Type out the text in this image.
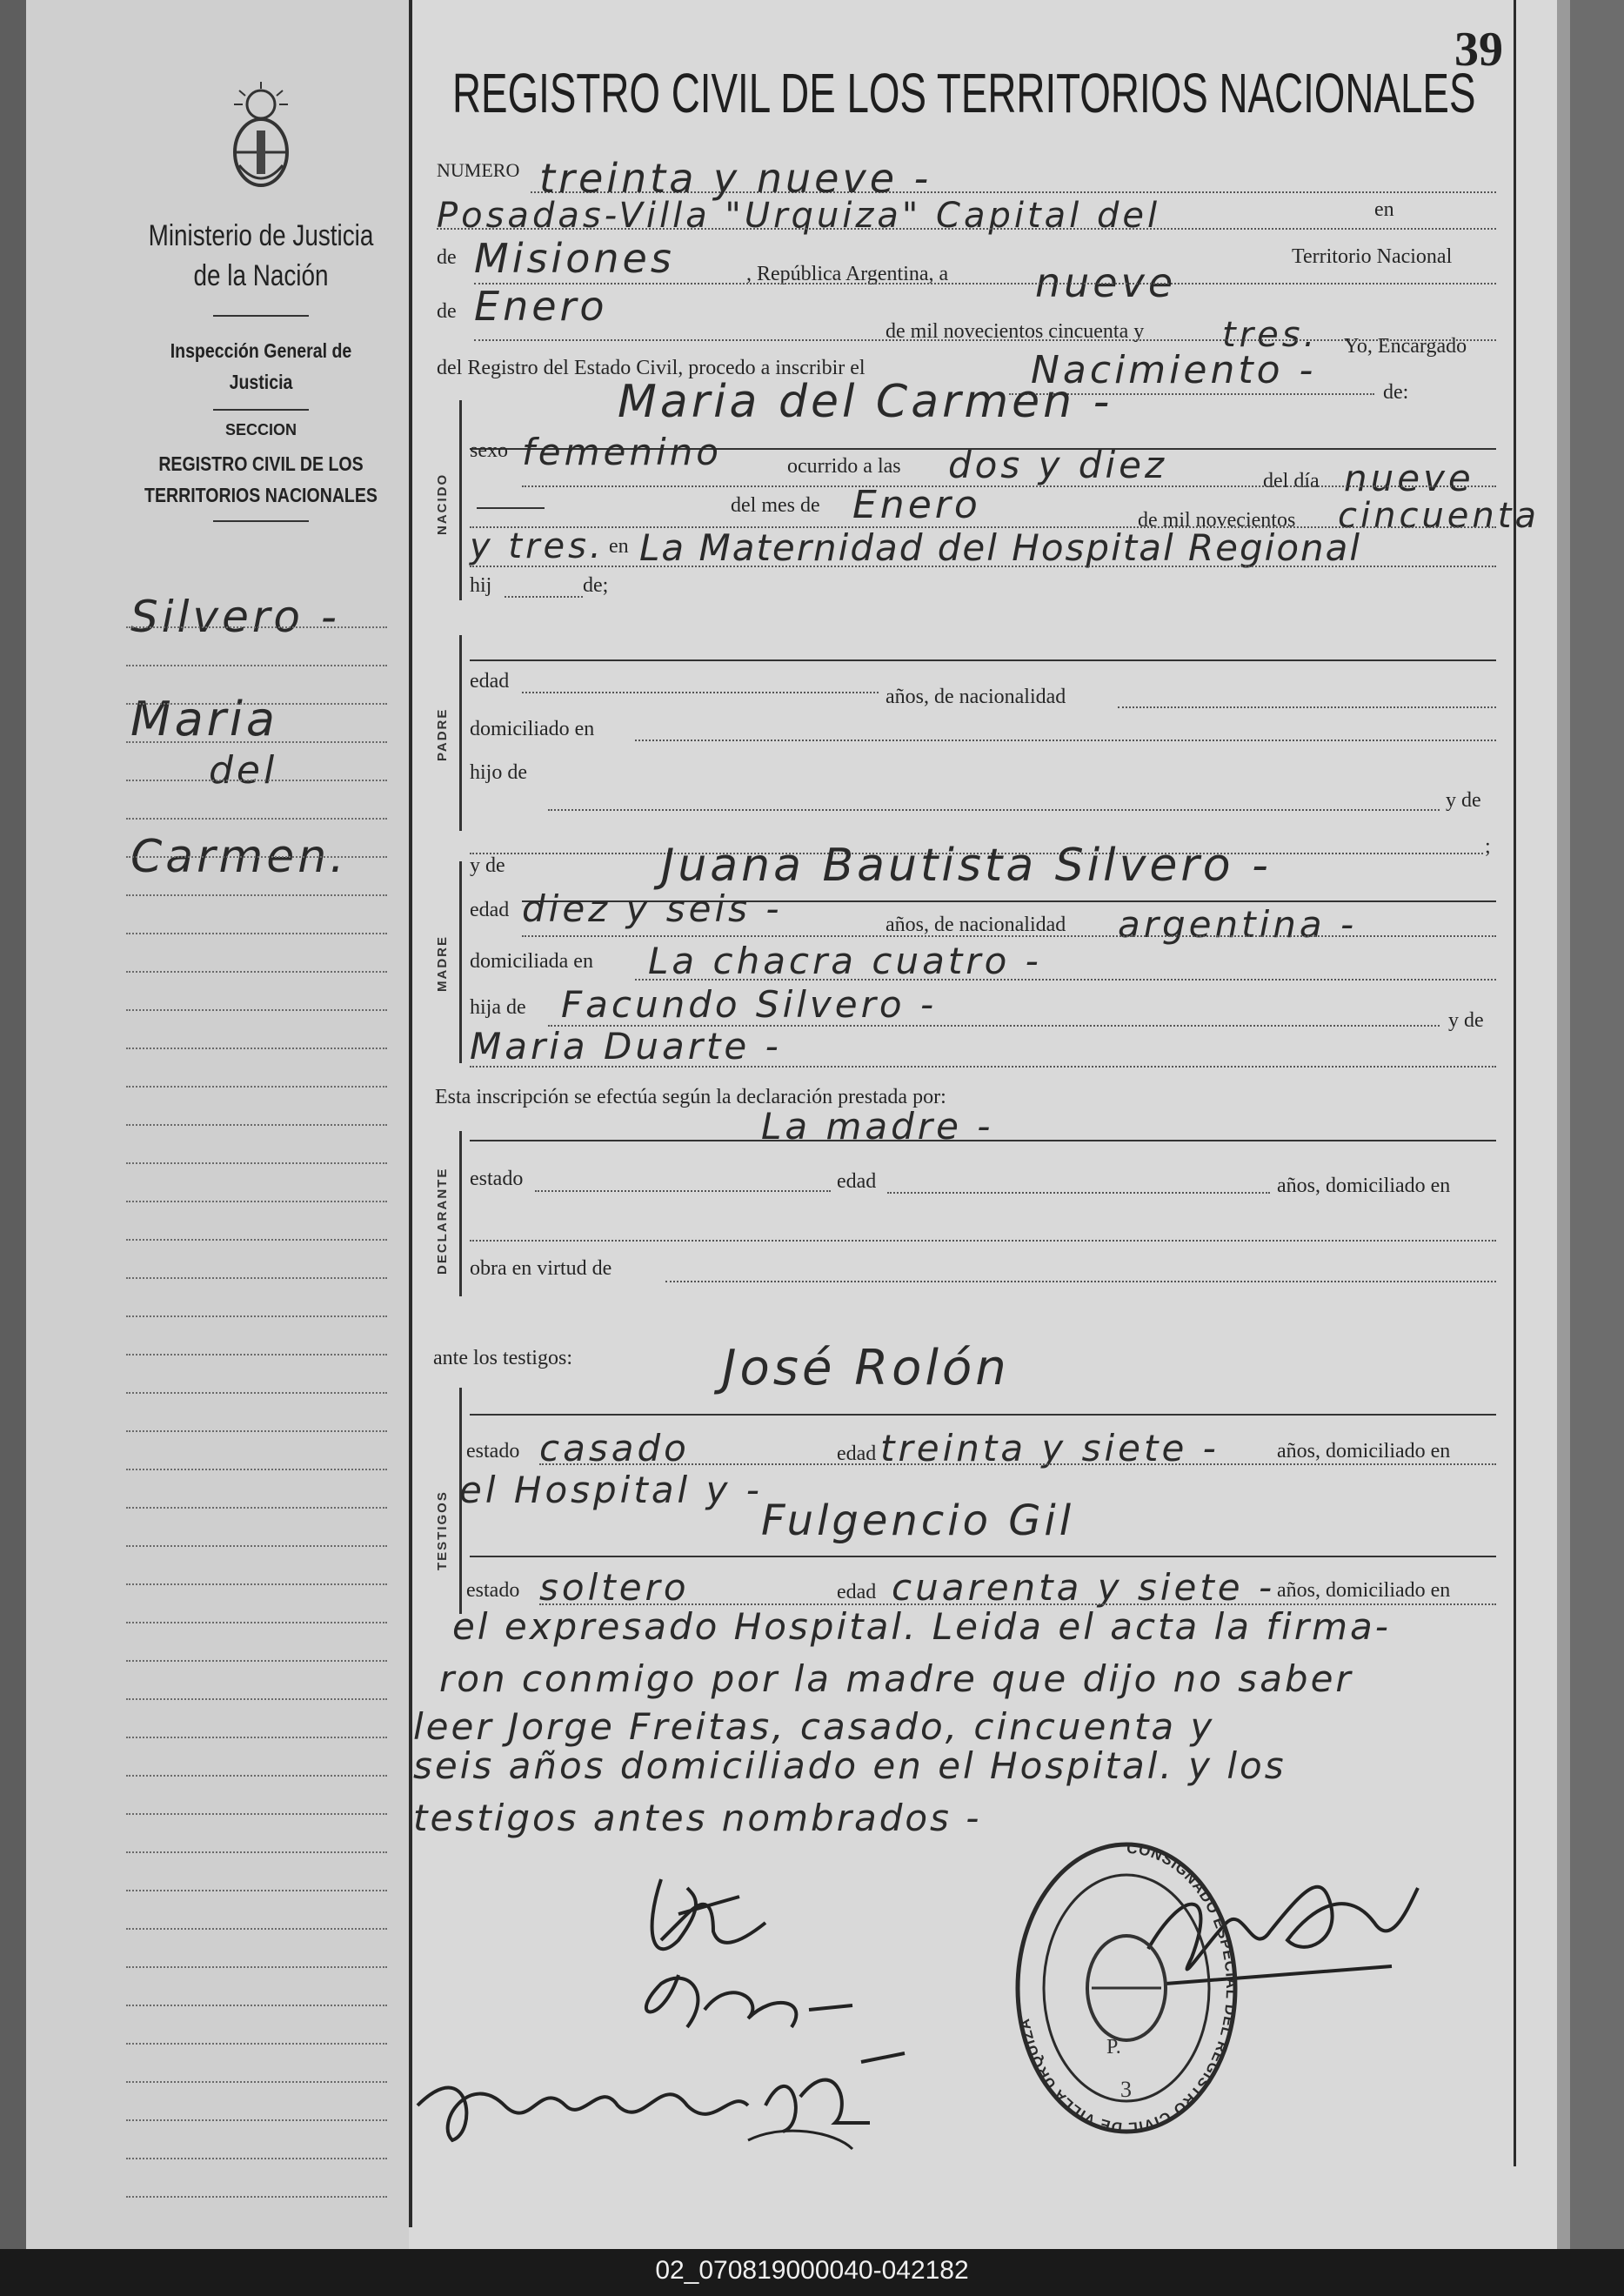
Ministerio de Justicia de la Nación
Inspección General de Justicia
SECCION
REGISTRO CIVIL DE LOS TERRITORIOS NACIONALES
Silvero -
Maria
del
Carmen.
39
REGISTRO CIVIL DE LOS TERRITORIOS NACIONALES
NUMERO treinta y nueve -
Posadas-Villa "Urquiza" Capital del	en
Territorio Nacional
de Misiones	, República Argentina, a nueve
de Enero
de mil novecientos cincuenta y tres. Yo, Encargado
del Registro del Estado Civil, procedo a inscribir el	Nacimiento -	de:
NACIDO
Maria del Carmen -
sexo femenino	ocurrido a las dos y diez	del día nueve
del mes de Enero	de mil novecientos cincuenta
y tres. en La Maternidad del Hospital Regional
hij	de;
PADRE
edad
años, de nacionalidad
domiciliado en
hijo de
y de
;
MADRE
y de	Juana Bautista Silvero -
edad diez y seis -	años, de nacionalidad argentina -
domiciliada en La chacra cuatro -
hija de Facundo Silvero -	y de
Maria Duarte -
Esta inscripción se efectúa según la declaración prestada por:
DECLARANTE
La madre -
estado	edad	años, domiciliado en
obra en virtud de
ante los testigos:
TESTIGOS
José Rolón
estado casado	edad treinta y siete -	años, domiciliado en
el Hospital y -
Fulgencio Gil
estado soltero	edad cuarenta y siete - años, domiciliado en
CONSIGNADO ESPECIAL DEL REGISTRO CIVIL DE VILLA URQUIZA
P.
3
el expresado Hospital. Leida el acta la firma-
ron conmigo por la madre que dijo no saber
leer Jorge Freitas, casado, cincuenta y
seis años domiciliado en el Hospital. y los
testigos antes nombrados -
02_070819000040-042182
